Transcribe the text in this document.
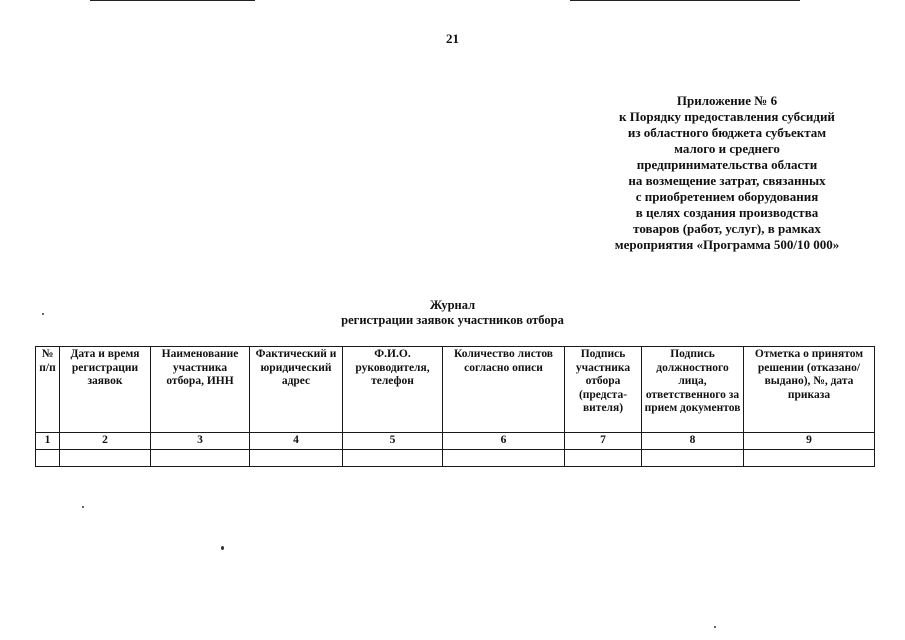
21
Приложение № 6
к Порядку предоставления субсидий
из областного бюджета субъектам
малого и среднего
предпринимательства области
на возмещение затрат, связанных
с приобретением оборудования
в целях создания производства
товаров (работ, услуг), в рамках
мероприятия «Программа 500/10 000»
Журнал
регистрации заявок участников отбора
№ п/п	Дата и время регистрации заявок	Наименование участника отбора, ИНН	Фактический и юридический адрес	Ф.И.О. руководителя, телефон	Количество листов согласно описи	Подпись участника отбора (предста-вителя)	Подпись должностного лица, ответственного за прием документов	Отметка о принятом решении (отказано/выдано), №, дата приказа
1	2	3	4	5	6	7	8	9
